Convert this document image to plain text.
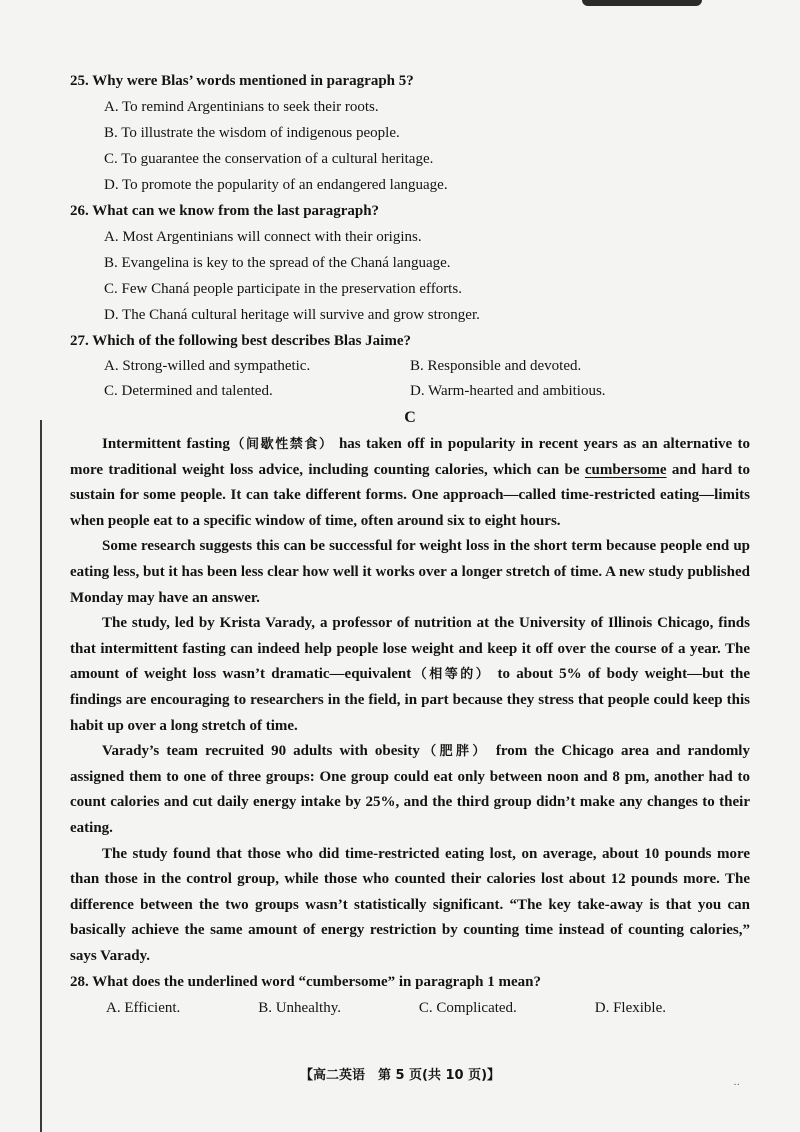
25. Why were Blas’ words mentioned in paragraph 5?

A. To remind Argentinians to seek their roots.

B. To illustrate the wisdom of indigenous people.

C. To guarantee the conservation of a cultural heritage.

D. To promote the popularity of an endangered language.

26. What can we know from the last paragraph?

A. Most Argentinians will connect with their origins.

B. Evangelina is key to the spread of the Chaná language.

C. Few Chaná people participate in the preservation efforts.

D. The Chaná cultural heritage will survive and grow stronger.

27. Which of the following best describes Blas Jaime?

A. Strong-willed and sympathetic.	B. Responsible and devoted.
C. Determined and talented.	D. Warm-hearted and ambitious.

C

Intermittent fasting（间歇性禁食） has taken off in popularity in recent years as an alternative to more traditional weight loss advice, including counting calories, which can be cumbersome and hard to sustain for some people. It can take different forms. One approach—called time-restricted eating—limits when people eat to a specific window of time, often around six to eight hours.

Some research suggests this can be successful for weight loss in the short term because people end up eating less, but it has been less clear how well it works over a longer stretch of time. A new study published Monday may have an answer.

The study, led by Krista Varady, a professor of nutrition at the University of Illinois Chicago, finds that intermittent fasting can indeed help people lose weight and keep it off over the course of a year. The amount of weight loss wasn’t dramatic—equivalent（相等的） to about 5% of body weight—but the findings are encouraging to researchers in the field, in part because they stress that people could keep this habit up over a long stretch of time.

Varady’s team recruited 90 adults with obesity（肥胖） from the Chicago area and randomly assigned them to one of three groups: One group could eat only between noon and 8 pm, another had to count calories and cut daily energy intake by 25%, and the third group didn’t make any changes to their eating.

The study found that those who did time-restricted eating lost, on average, about 10 pounds more than those in the control group, while those who counted their calories lost about 12 pounds more. The difference between the two groups wasn’t statistically significant. “The key take-away is that you can basically achieve the same amount of energy restriction by counting time instead of counting calories,” says Varady.

28. What does the underlined word “cumbersome” in paragraph 1 mean?

A. Efficient.	B. Unhealthy.	C. Complicated.	D. Flexible.
【高二英语　第 5 页(共 10 页)】
··
